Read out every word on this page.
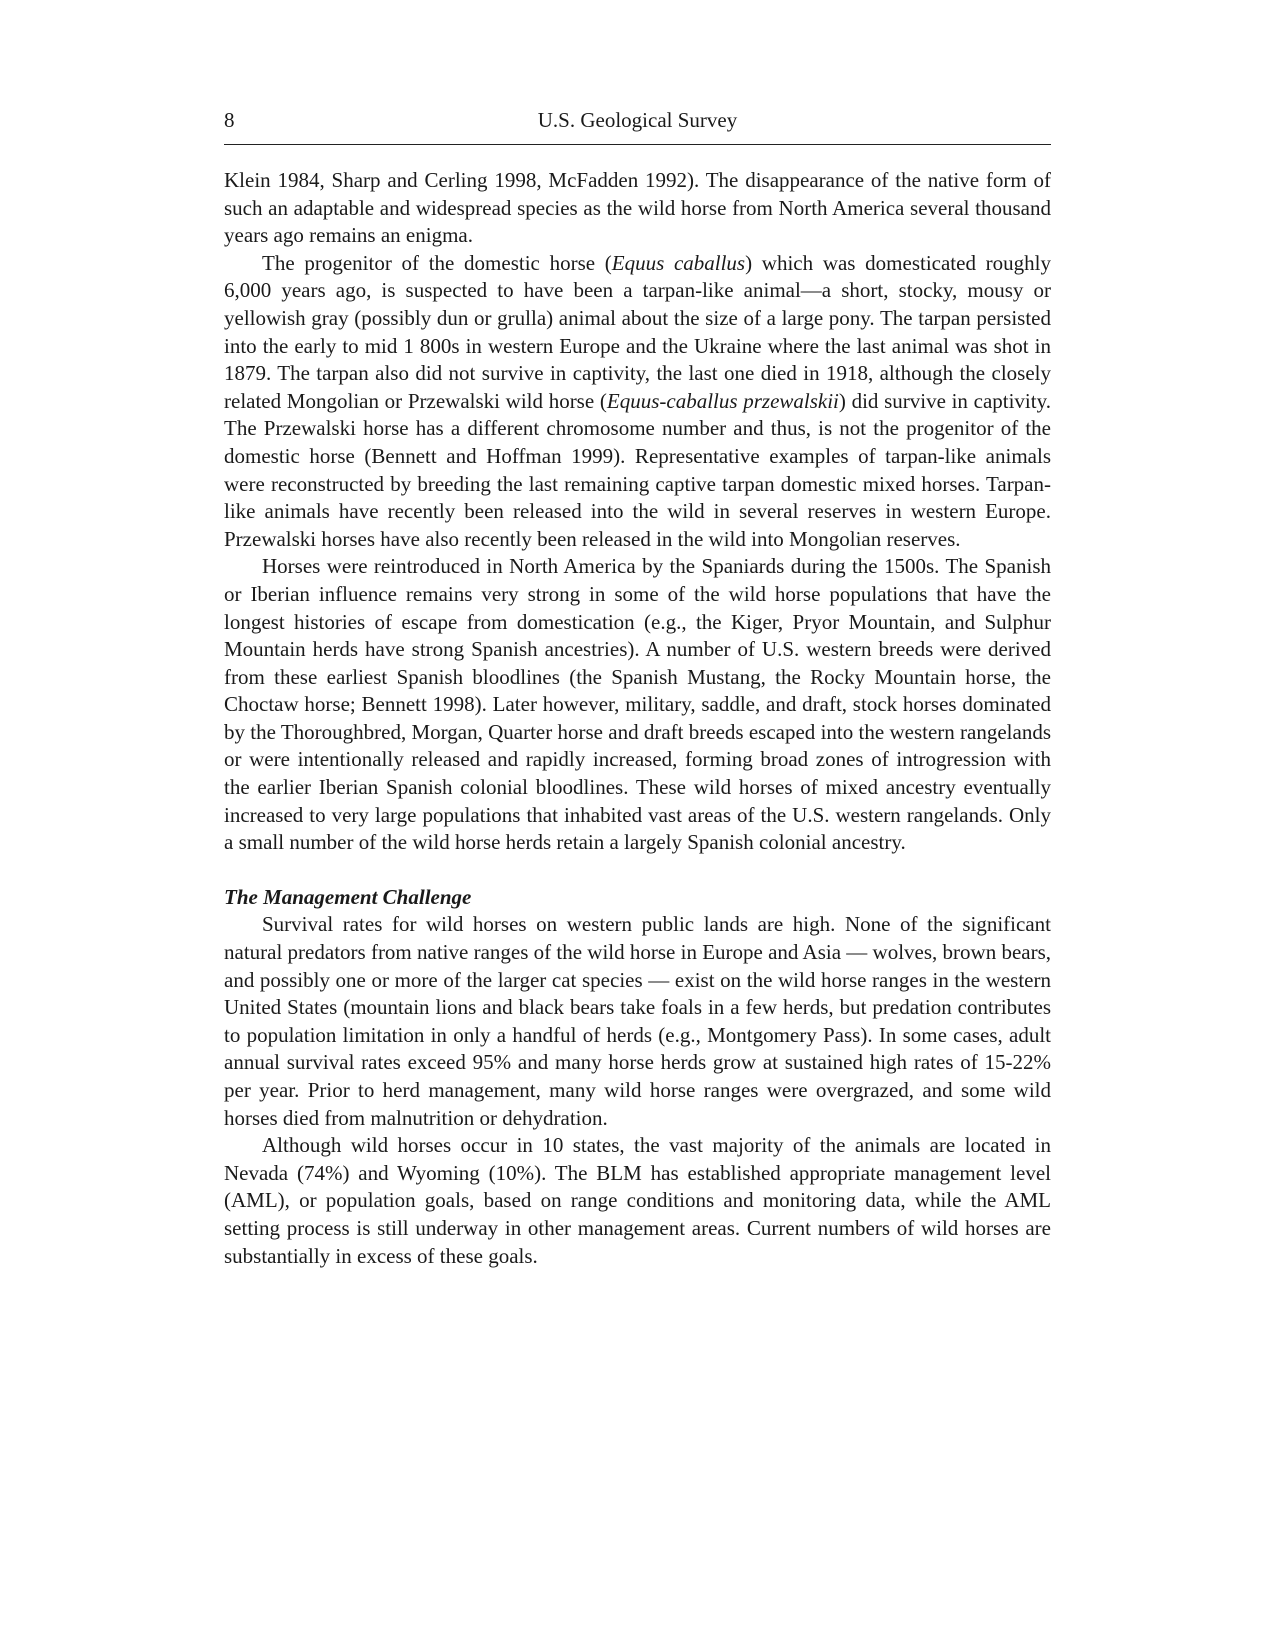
8	U.S. Geological Survey

Klein 1984, Sharp and Cerling 1998, McFadden 1992). The disappearance of the native form of such an adaptable and widespread species as the wild horse from North America several thousand years ago remains an enigma.

The progenitor of the domestic horse (Equus caballus) which was domesticated roughly 6,000 years ago, is suspected to have been a tarpan-like animal—a short, stocky, mousy or yellowish gray (possibly dun or grulla) animal about the size of a large pony. The tarpan persisted into the early to mid 1 800s in western Europe and the Ukraine where the last animal was shot in 1879. The tarpan also did not survive in captivity, the last one died in 1918, although the closely related Mongolian or Przewalski wild horse (Equus-caballus przewalskii) did survive in captivity. The Przewalski horse has a different chromosome number and thus, is not the progenitor of the domestic horse (Bennett and Hoffman 1999). Representative examples of tarpan-like animals were reconstructed by breeding the last remaining captive tarpan domestic mixed horses. Tarpan-like animals have recently been released into the wild in several reserves in western Europe. Przewalski horses have also recently been released in the wild into Mongolian reserves.

Horses were reintroduced in North America by the Spaniards during the 1500s. The Spanish or Iberian influence remains very strong in some of the wild horse populations that have the longest histories of escape from domestication (e.g., the Kiger, Pryor Mountain, and Sulphur Mountain herds have strong Spanish ancestries). A number of U.S. western breeds were derived from these earliest Spanish bloodlines (the Spanish Mustang, the Rocky Mountain horse, the Choctaw horse; Bennett 1998). Later however, military, saddle, and draft, stock horses dominated by the Thoroughbred, Morgan, Quarter horse and draft breeds escaped into the western rangelands or were intentionally released and rapidly increased, forming broad zones of introgression with the earlier Iberian Spanish colonial bloodlines. These wild horses of mixed ancestry eventually increased to very large populations that inhabited vast areas of the U.S. western rangelands. Only a small number of the wild horse herds retain a largely Spanish colonial ancestry.

The Management Challenge

Survival rates for wild horses on western public lands are high. None of the significant natural predators from native ranges of the wild horse in Europe and Asia — wolves, brown bears, and possibly one or more of the larger cat species — exist on the wild horse ranges in the western United States (mountain lions and black bears take foals in a few herds, but predation contributes to population limitation in only a handful of herds (e.g., Montgomery Pass). In some cases, adult annual survival rates exceed 95% and many horse herds grow at sustained high rates of 15-22% per year. Prior to herd management, many wild horse ranges were overgrazed, and some wild horses died from malnutrition or dehydration.

Although wild horses occur in 10 states, the vast majority of the animals are located in Nevada (74%) and Wyoming (10%). The BLM has established appropriate management level (AML), or population goals, based on range conditions and monitoring data, while the AML setting process is still underway in other management areas. Current numbers of wild horses are substantially in excess of these goals.
